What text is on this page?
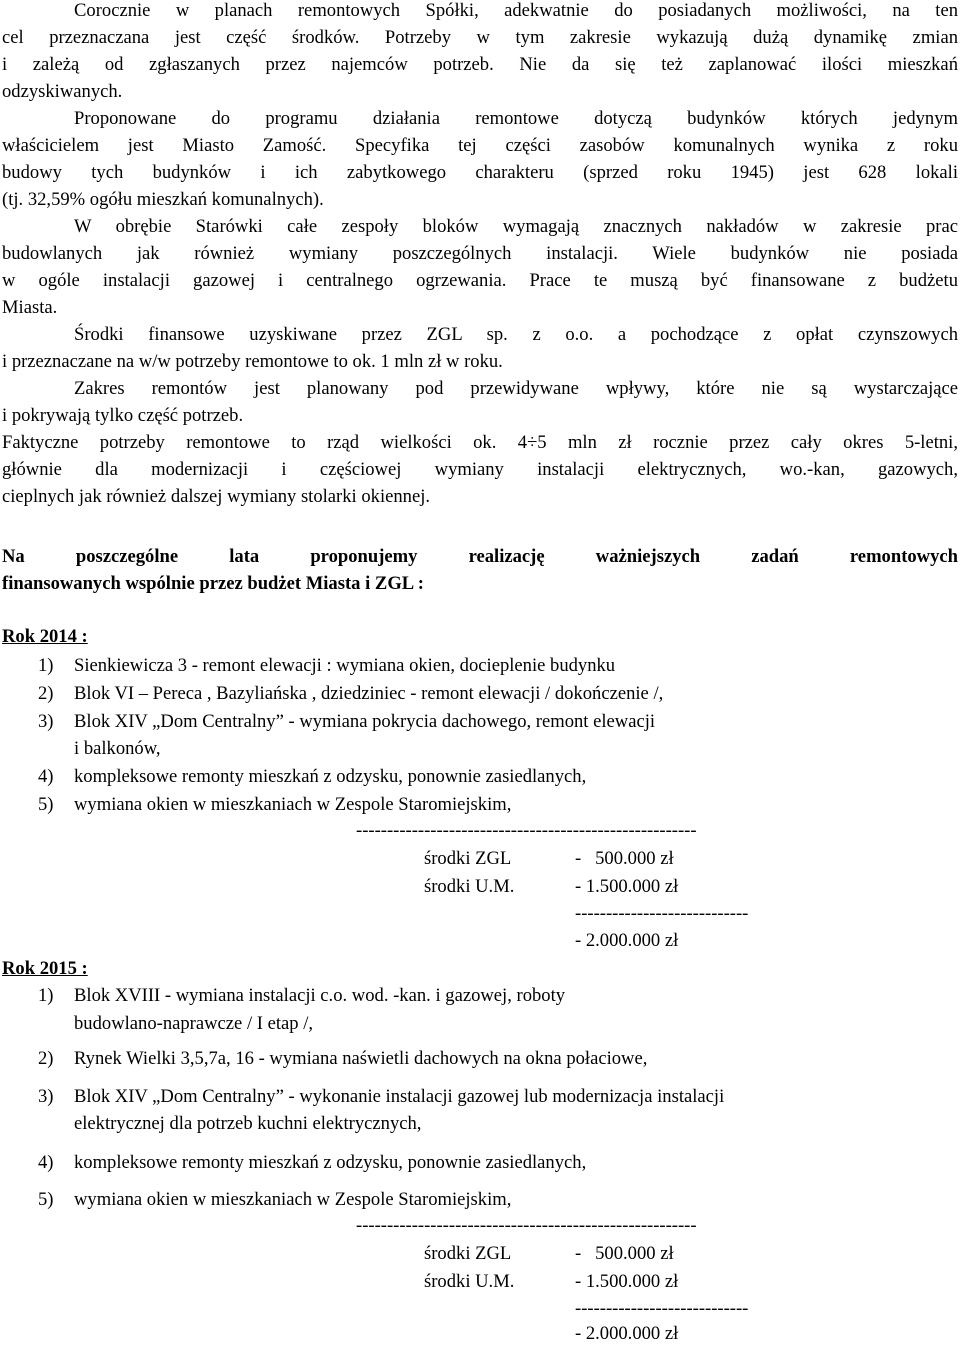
Corocznie w planach remontowych Spółki, adekwatnie do posiadanych możliwości, na ten
cel przeznaczana jest część środków. Potrzeby w tym zakresie wykazują dużą dynamikę zmian
i zależą od zgłaszanych przez najemców potrzeb. Nie da się też zaplanować ilości mieszkań
odzyskiwanych.
Proponowane do programu działania remontowe dotyczą budynków których jedynym
właścicielem jest Miasto Zamość. Specyfika tej części zasobów komunalnych wynika z roku
budowy tych budynków i ich zabytkowego charakteru (sprzed roku 1945) jest 628 lokali
(tj. 32,59% ogółu mieszkań komunalnych).
W obrębie Starówki całe zespoły bloków wymagają znacznych nakładów w zakresie prac
budowlanych jak również wymiany poszczególnych instalacji. Wiele budynków nie posiada
w ogóle instalacji gazowej i centralnego ogrzewania. Prace te muszą być finansowane z budżetu
Miasta.
Środki finansowe uzyskiwane przez ZGL sp. z o.o. a pochodzące z opłat czynszowych
i przeznaczane na w/w potrzeby remontowe to ok. 1 mln zł w roku.
Zakres remontów jest planowany pod przewidywane wpływy, które nie są wystarczające
i pokrywają tylko część potrzeb.
Faktyczne potrzeby remontowe to rząd wielkości ok. 4÷5 mln zł rocznie przez cały okres 5-letni,
głównie dla modernizacji i częściowej wymiany instalacji elektrycznych, wo.-kan, gazowych,
cieplnych jak również dalszej wymiany stolarki okiennej.
Na poszczególne lata proponujemy realizację ważniejszych zadań remontowych
finansowanych wspólnie przez budżet Miasta i ZGL :
Rok 2014 :
1) Sienkiewicza 3 - remont elewacji : wymiana okien, docieplenie budynku
2) Blok VI – Pereca , Bazyliańska , dziedziniec - remont elewacji / dokończenie /,
3) Blok XIV „Dom Centralny” - wymiana pokrycia dachowego, remont elewacji
i balkonów,
4) kompleksowe remonty mieszkań z odzysku, ponownie zasiedlanych,
5) wymiana okien w mieszkaniach w Zespole Staromiejskim,
-------------------------------------------------------
środki ZGL	-   500.000 zł
środki U.M.	- 1.500.000 zł
----------------------------
- 2.000.000 zł
Rok 2015 :
1) Blok XVIII - wymiana instalacji c.o. wod. -kan. i gazowej, roboty
budowlano-naprawcze / I etap /,
2) Rynek Wielki 3,5,7a, 16 - wymiana naświetli dachowych na okna połaciowe,
3) Blok XIV „Dom Centralny” - wykonanie instalacji gazowej lub modernizacja instalacji
elektrycznej dla potrzeb kuchni elektrycznych,
4) kompleksowe remonty mieszkań z odzysku, ponownie zasiedlanych,
5) wymiana okien w mieszkaniach w Zespole Staromiejskim,
-------------------------------------------------------
środki ZGL	-   500.000 zł
środki U.M.	- 1.500.000 zł
----------------------------
- 2.000.000 zł
